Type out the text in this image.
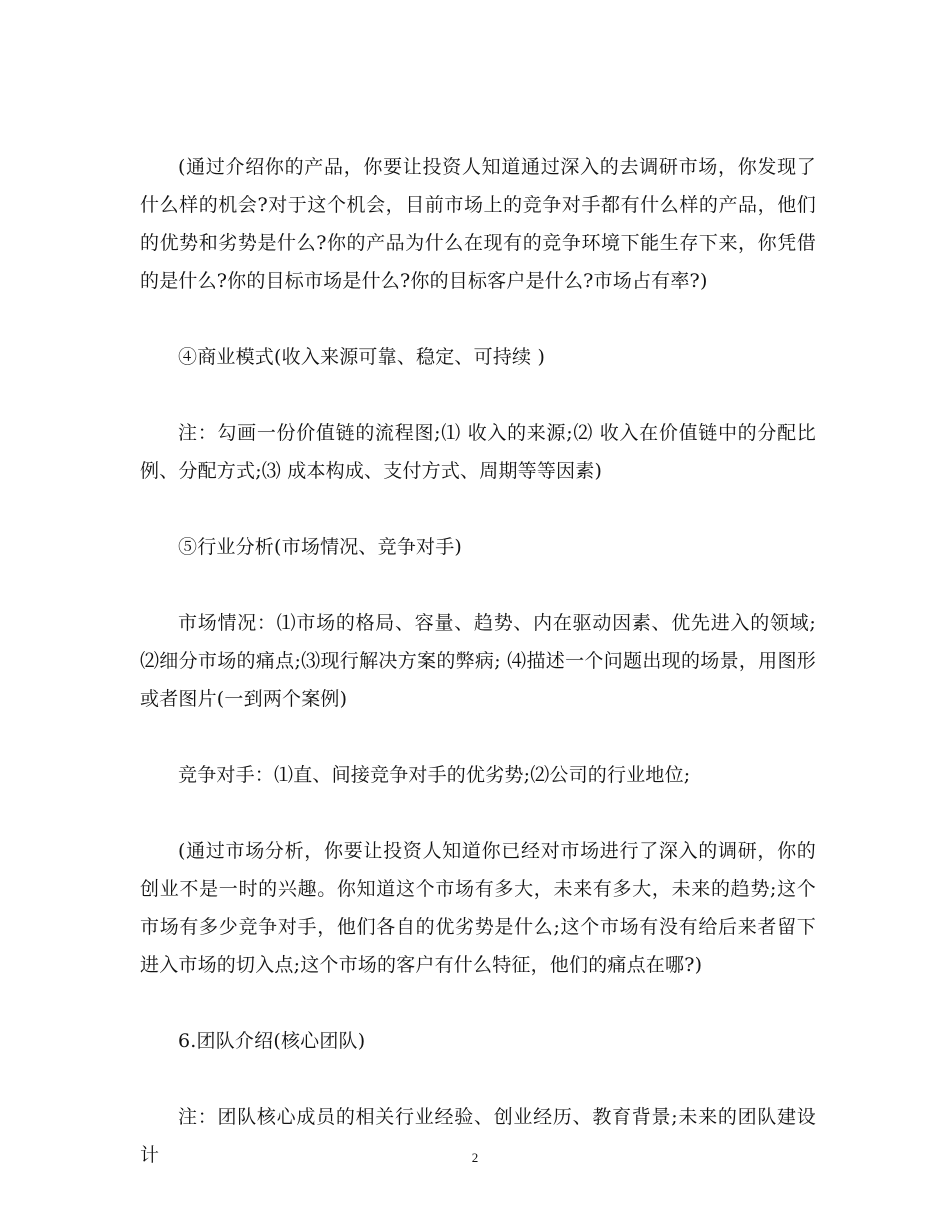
(通过介绍你的产品，你要让投资人知道通过深入的去调研市场，你发现了什么样的机会?对于这个机会，目前市场上的竞争对手都有什么样的产品，他们的优势和劣势是什么?你的产品为什么在现有的竞争环境下能生存下来，你凭借的是什么?你的目标市场是什么?你的目标客户是什么?市场占有率?)

④商业模式(收入来源可靠、稳定、可持续 )

注：勾画一份价值链的流程图;⑴ 收入的来源;⑵ 收入在价值链中的分配比例、分配方式;⑶ 成本构成、支付方式、周期等等因素)

⑤行业分析(市场情况、竞争对手)

市场情况：⑴市场的格局、容量、趋势、内在驱动因素、优先进入的领域;⑵细分市场的痛点;⑶现行解决方案的弊病; ⑷描述一个问题出现的场景，用图形或者图片(一到两个案例)

竞争对手：⑴直、间接竞争对手的优劣势;⑵公司的行业地位;

(通过市场分析，你要让投资人知道你已经对市场进行了深入的调研，你的创业不是一时的兴趣。你知道这个市场有多大，未来有多大，未来的趋势;这个市场有多少竞争对手，他们各自的优劣势是什么;这个市场有没有给后来者留下进入市场的切入点;这个市场的客户有什么特征，他们的痛点在哪?)

6.团队介绍(核心团队)

注：团队核心成员的相关行业经验、创业经历、教育背景;未来的团队建设计	2
